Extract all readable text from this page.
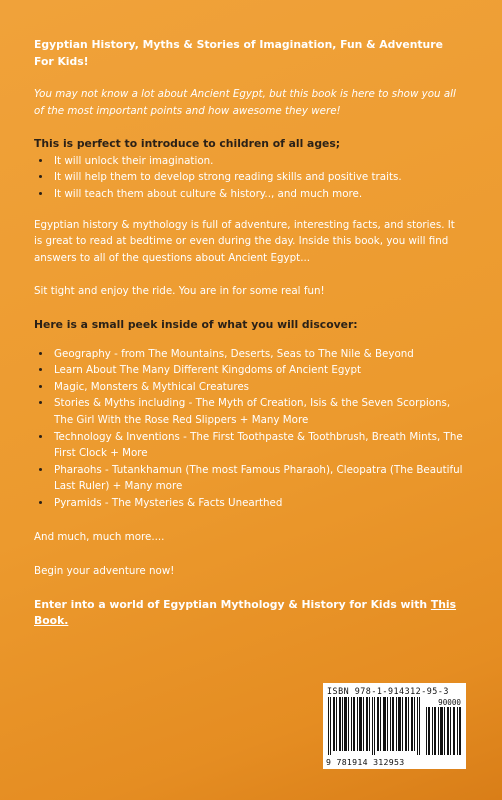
Egyptian History, Myths & Stories of Imagination, Fun & Adventure For Kids!

You may not know a lot about Ancient Egypt, but this book is here to show you all of the most important points and how awesome they were!

This is perfect to introduce to children of all ages;

• It will unlock their imagination.
• It will help them to develop strong reading skills and positive traits.
• It will teach them about culture & history.., and much more.

Egyptian history & mythology is full of adventure, interesting facts, and stories. It is great to read at bedtime or even during the day. Inside this book, you will find answers to all of the questions about Ancient Egypt...

Sit tight and enjoy the ride. You are in for some real fun!

Here is a small peek inside of what you will discover:

• Geography - from The Mountains, Deserts, Seas to The Nile & Beyond
• Learn About The Many Different Kingdoms of Ancient Egypt
• Magic, Monsters & Mythical Creatures
• Stories & Myths including - The Myth of Creation, Isis & the Seven Scorpions, The Girl With the Rose Red Slippers + Many More
• Technology & Inventions - The First Toothpaste & Toothbrush, Breath Mints, The First Clock + More
• Pharaohs - Tutankhamun (The most Famous Pharaoh), Cleopatra (The Beautiful Last Ruler) + Many more
• Pyramids - The Mysteries & Facts Unearthed

And much, much more....

Begin your adventure now!

Enter into a world of Egyptian Mythology & History for Kids with This Book.

ISBN 978-1-914312-95-3
90000
9 781914 312953
